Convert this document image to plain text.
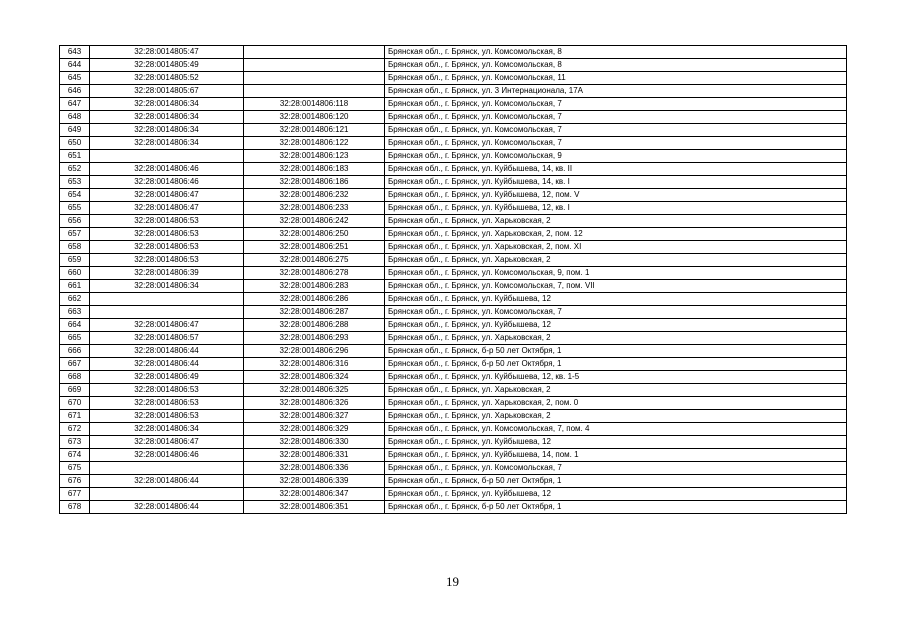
643	32:28:0014805:47		Брянская обл., г. Брянск, ул. Комсомольская, 8
644	32:28:0014805:49		Брянская обл., г. Брянск, ул. Комсомольская, 8
645	32:28:0014805:52		Брянская обл., г. Брянск, ул. Комсомольская, 11
646	32:28:0014805:67		Брянская обл., г. Брянск, ул. 3 Интернационала, 17А
647	32:28:0014806:34	32:28:0014806:118	Брянская обл., г. Брянск, ул. Комсомольская, 7
648	32:28:0014806:34	32:28:0014806:120	Брянская обл., г. Брянск, ул. Комсомольская, 7
649	32:28:0014806:34	32:28:0014806:121	Брянская обл., г. Брянск, ул. Комсомольская, 7
650	32:28:0014806:34	32:28:0014806:122	Брянская обл., г. Брянск, ул. Комсомольская, 7
651		32:28:0014806:123	Брянская обл., г. Брянск, ул. Комсомольская, 9
652	32:28:0014806:46	32:28:0014806:183	Брянская обл., г. Брянск, ул. Куйбышева, 14, кв. II
653	32:28:0014806:46	32:28:0014806:186	Брянская обл., г. Брянск, ул. Куйбышева, 14, кв. I
654	32:28:0014806:47	32:28:0014806:232	Брянская обл., г. Брянск, ул. Куйбышева, 12, пом. V
655	32:28:0014806:47	32:28:0014806:233	Брянская обл., г. Брянск, ул. Куйбышева, 12, кв. I
656	32:28:0014806:53	32:28:0014806:242	Брянская обл., г. Брянск, ул. Харьковская, 2
657	32:28:0014806:53	32:28:0014806:250	Брянская обл., г. Брянск, ул. Харьковская, 2, пом. 12
658	32:28:0014806:53	32:28:0014806:251	Брянская обл., г. Брянск, ул. Харьковская, 2, пом. XI
659	32:28:0014806:53	32:28:0014806:275	Брянская обл., г. Брянск, ул. Харьковская, 2
660	32:28:0014806:39	32:28:0014806:278	Брянская обл., г. Брянск, ул. Комсомольская, 9, пом. 1
661	32:28:0014806:34	32:28:0014806:283	Брянская обл., г. Брянск, ул. Комсомольская, 7, пом. VII
662		32:28:0014806:286	Брянская обл., г. Брянск, ул. Куйбышева, 12
663		32:28:0014806:287	Брянская обл., г. Брянск, ул. Комсомольская, 7
664	32:28:0014806:47	32:28:0014806:288	Брянская обл., г. Брянск, ул. Куйбышева, 12
665	32:28:0014806:57	32:28:0014806:293	Брянская обл., г. Брянск, ул. Харьковская, 2
666	32:28:0014806:44	32:28:0014806:296	Брянская обл., г. Брянск, б-р 50 лет Октября, 1
667	32:28:0014806:44	32:28:0014806:316	Брянская обл., г. Брянск, б-р 50 лет Октября, 1
668	32:28:0014806:49	32:28:0014806:324	Брянская обл., г. Брянск, ул. Куйбышева, 12, кв. 1-5
669	32:28:0014806:53	32:28:0014806:325	Брянская обл., г. Брянск, ул. Харьковская, 2
670	32:28:0014806:53	32:28:0014806:326	Брянская обл., г. Брянск, ул. Харьковская, 2, пом. 0
671	32:28:0014806:53	32:28:0014806:327	Брянская обл., г. Брянск, ул. Харьковская, 2
672	32:28:0014806:34	32:28:0014806:329	Брянская обл., г. Брянск, ул. Комсомольская, 7, пом. 4
673	32:28:0014806:47	32:28:0014806:330	Брянская обл., г. Брянск, ул. Куйбышева, 12
674	32:28:0014806:46	32:28:0014806:331	Брянская обл., г. Брянск, ул. Куйбышева, 14, пом. 1
675		32:28:0014806:336	Брянская обл., г. Брянск, ул. Комсомольская, 7
676	32:28:0014806:44	32:28:0014806:339	Брянская обл., г. Брянск, б-р 50 лет Октября, 1
677		32:28:0014806:347	Брянская обл., г. Брянск, ул. Куйбышева, 12
678	32:28:0014806:44	32:28:0014806:351	Брянская обл., г. Брянск, б-р 50 лет Октября, 1
19
